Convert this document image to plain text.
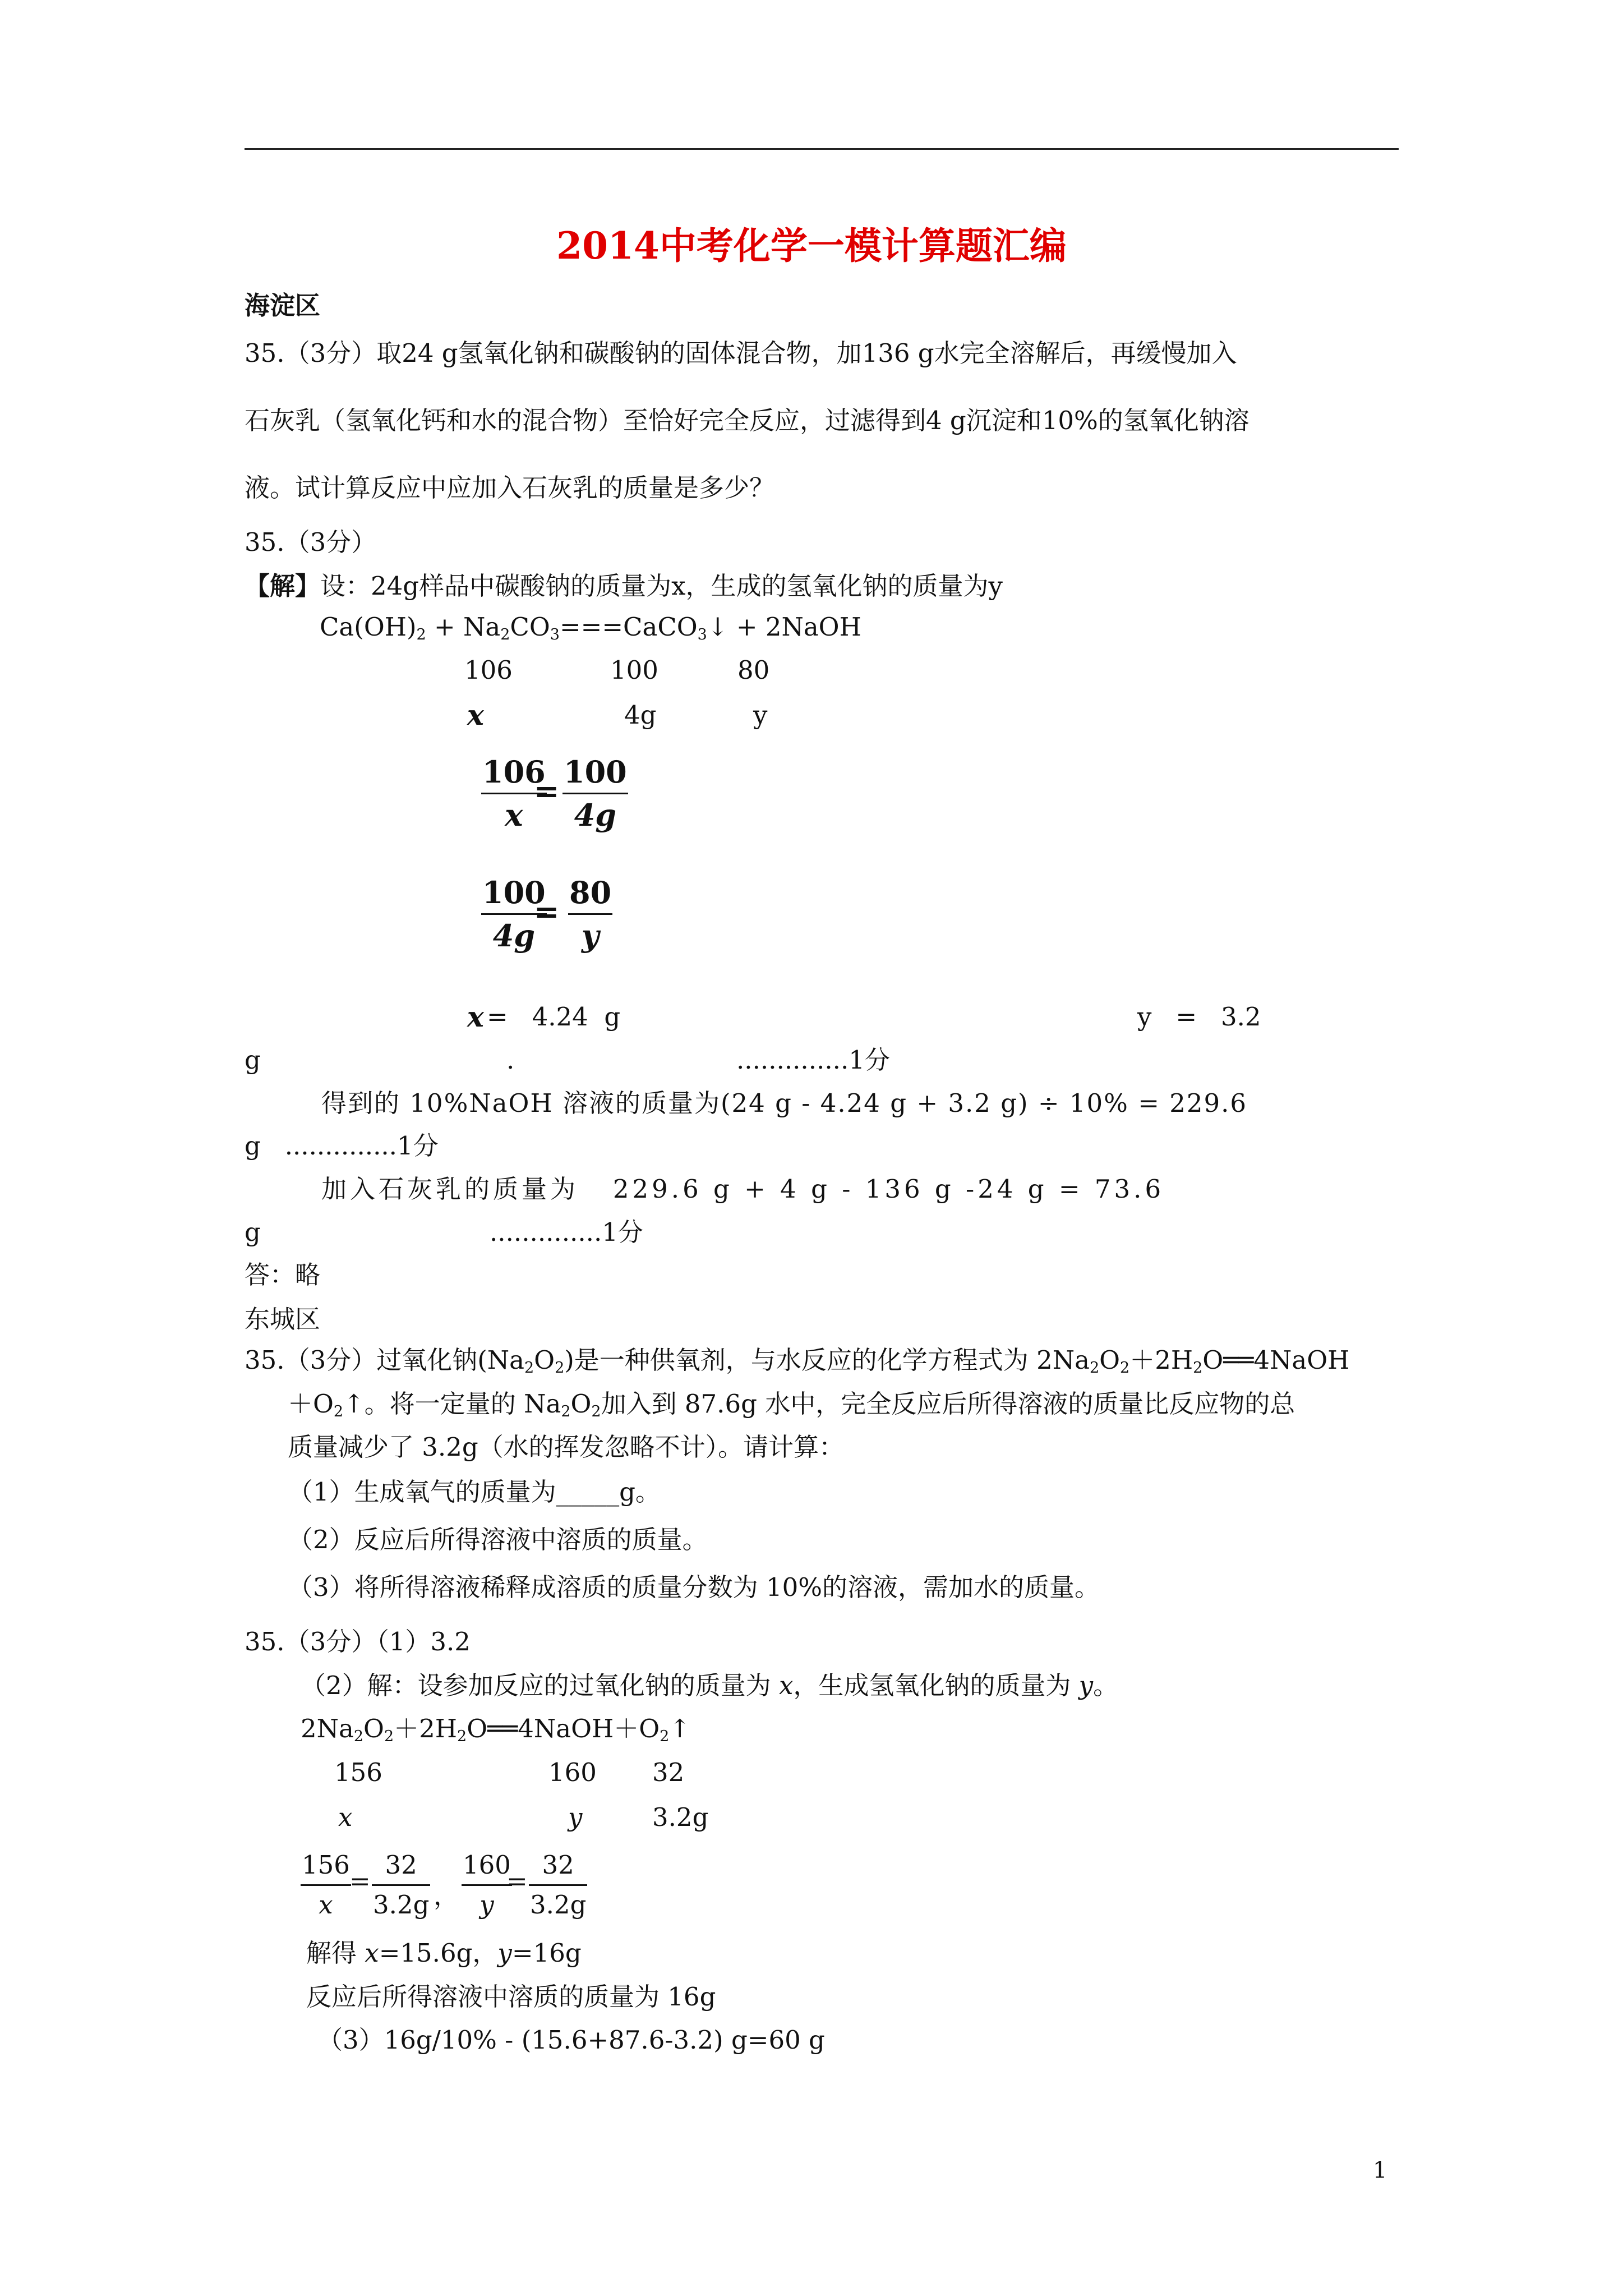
2014中考化学一模计算题汇编
海淀区
35.（3分）取24 g氢氧化钠和碳酸钠的固体混合物，加136 g水完全溶解后，再缓慢加入
石灰乳（氢氧化钙和水的混合物）至恰好完全反应，过滤得到4 g沉淀和10%的氢氧化钠溶
液。试计算反应中应加入石灰乳的质量是多少？
35.（3分）
【解】设：24g样品中碳酸钠的质量为x，生成的氢氧化钠的质量为y
$Ca(OH)_2$ + $Na_2CO_3===CaCO_3↓$ + 2NaOH
106	100	80
x	4g	y
106
x
=
100
4g
100
4g
=
80
y
x =   4.24  g	y   =   3.2
g	.	..............1分
得到的 10%NaOH 溶液的质量为(24 g - 4.24 g + 3.2 g) ÷ 10% = 229.6
g   ..............1分
加入石灰乳的质量为   229.6 g + 4 g - 136 g -24 g = 73.6
g	..............1分
答：略
东城区
35.（3分）过氧化钠$(Na_2O_2)$是一种供氧剂，与水反应的化学方程式为 $2Na_2O_2+2H_2O══4NaOH$
$+O_2↑$。将一定量的 $Na_2O_2$加入到 87.6g 水中，完全反应后所得溶液的质量比反应物的总
质量减少了 3.2g（水的挥发忽略不计）。请计算：
（1）生成氧气的质量为_____g。
（2）反应后所得溶液中溶质的质量。
（3）将所得溶液稀释成溶质的质量分数为 10%的溶液，需加水的质量。
35.（3分）（1）3.2
（2）解：设参加反应的过氧化钠的质量为 x，生成氢氧化钠的质量为 y。
$2Na_2O_2+2H_2O══4NaOH+O_2↑$
156	160 32
x	y	3.2g
156
x
=
32
3.2g ，
160
y
=
32
3.2g
解得 x=15.6g，y=16g
反应后所得溶液中溶质的质量为 16g
（3）16g/10% - (15.6+87.6-3.2) g=60 g
1
